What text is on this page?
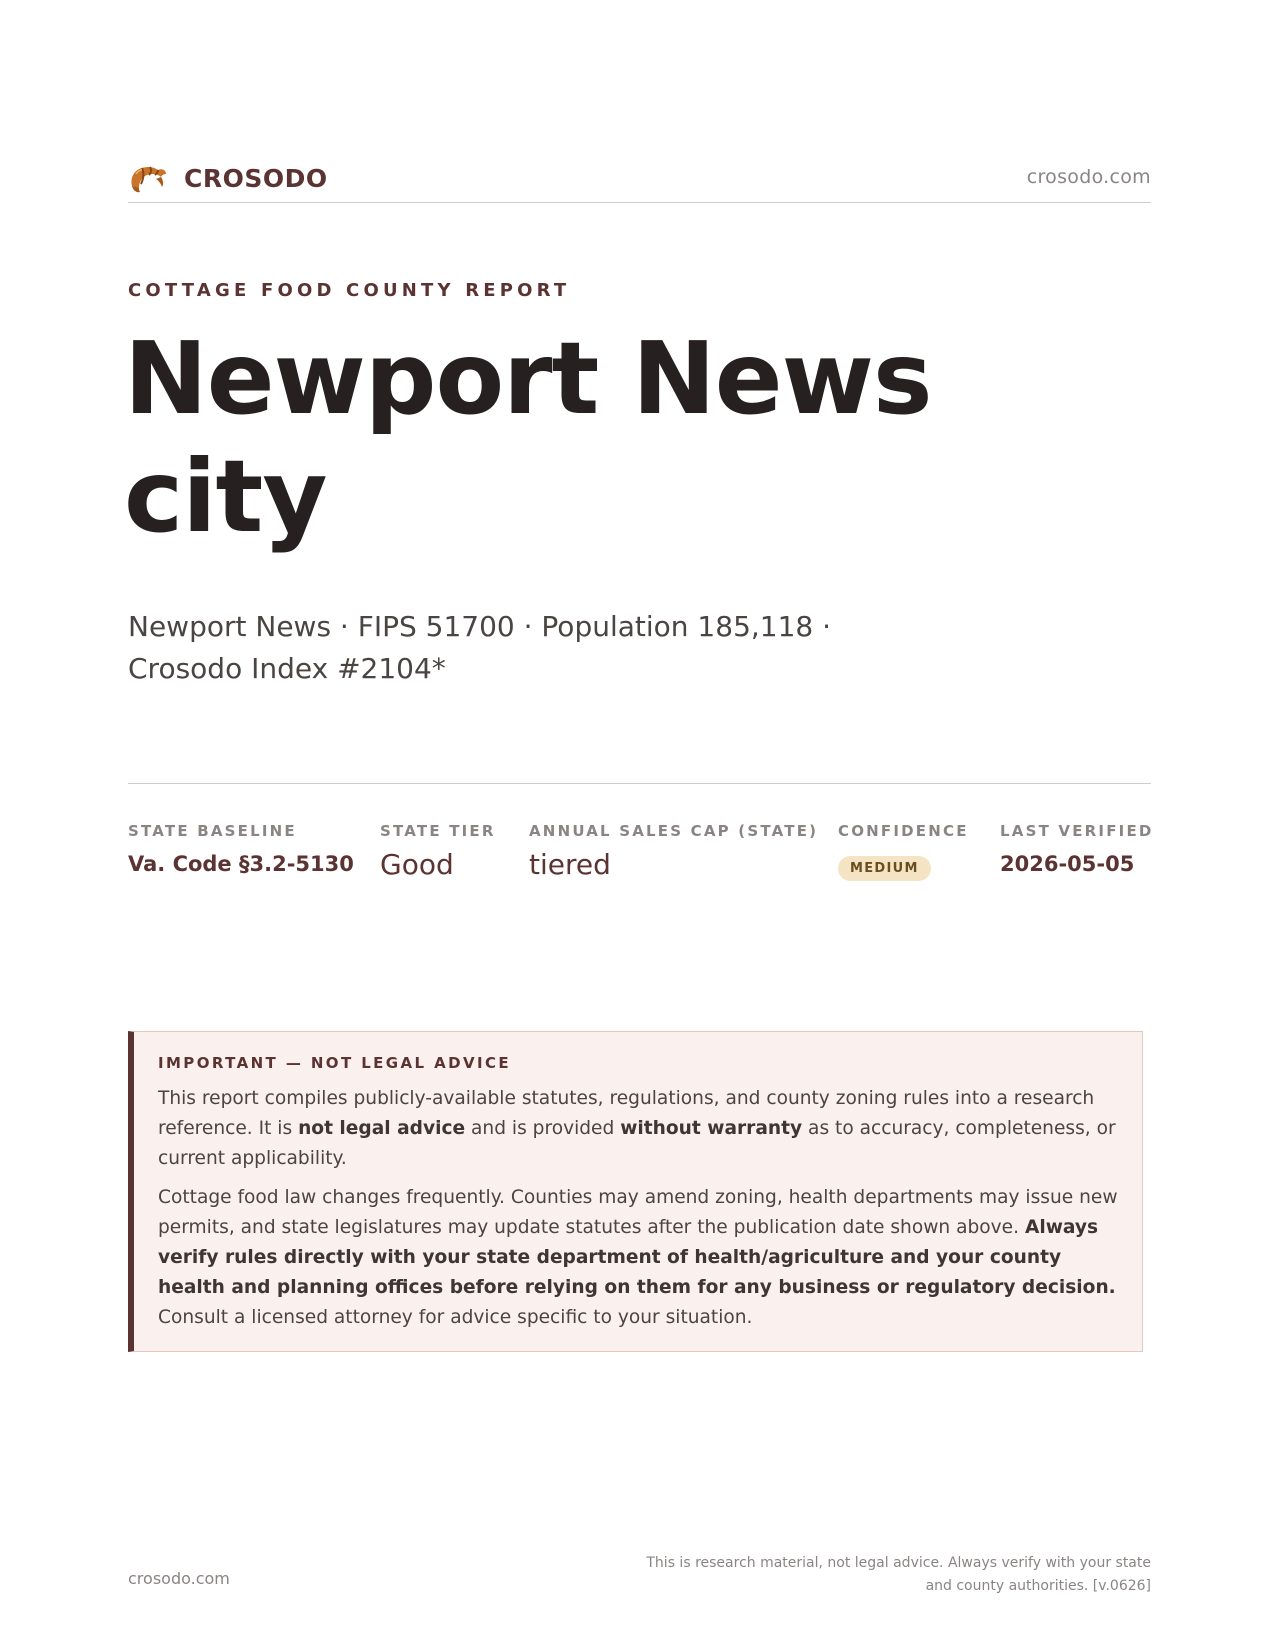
CROSODO	crosodo.com
COTTAGE FOOD COUNTY REPORT
Newport News city

Newport News · FIPS 51700 · Population 185,118 · Crosodo Index #2104*

STATE BASELINE
Va. Code §3.2-5130
STATE TIER
Good
ANNUAL SALES CAP (STATE)
tiered
CONFIDENCE
MEDIUM
LAST VERIFIED
2026-05-05
IMPORTANT — NOT LEGAL ADVICE

This report compiles publicly-available statutes, regulations, and county zoning rules into a research reference. It is not legal advice and is provided without warranty as to accuracy, completeness, or current applicability.

Cottage food law changes frequently. Counties may amend zoning, health departments may issue new permits, and state legislatures may update statutes after the publication date shown above. Always verify rules directly with your state department of health/agriculture and your county health and planning offices before relying on them for any business or regulatory decision. Consult a licensed attorney for advice specific to your situation.

crosodo.com
This is research material, not legal advice. Always verify with your state and county authorities. [v.0626]
